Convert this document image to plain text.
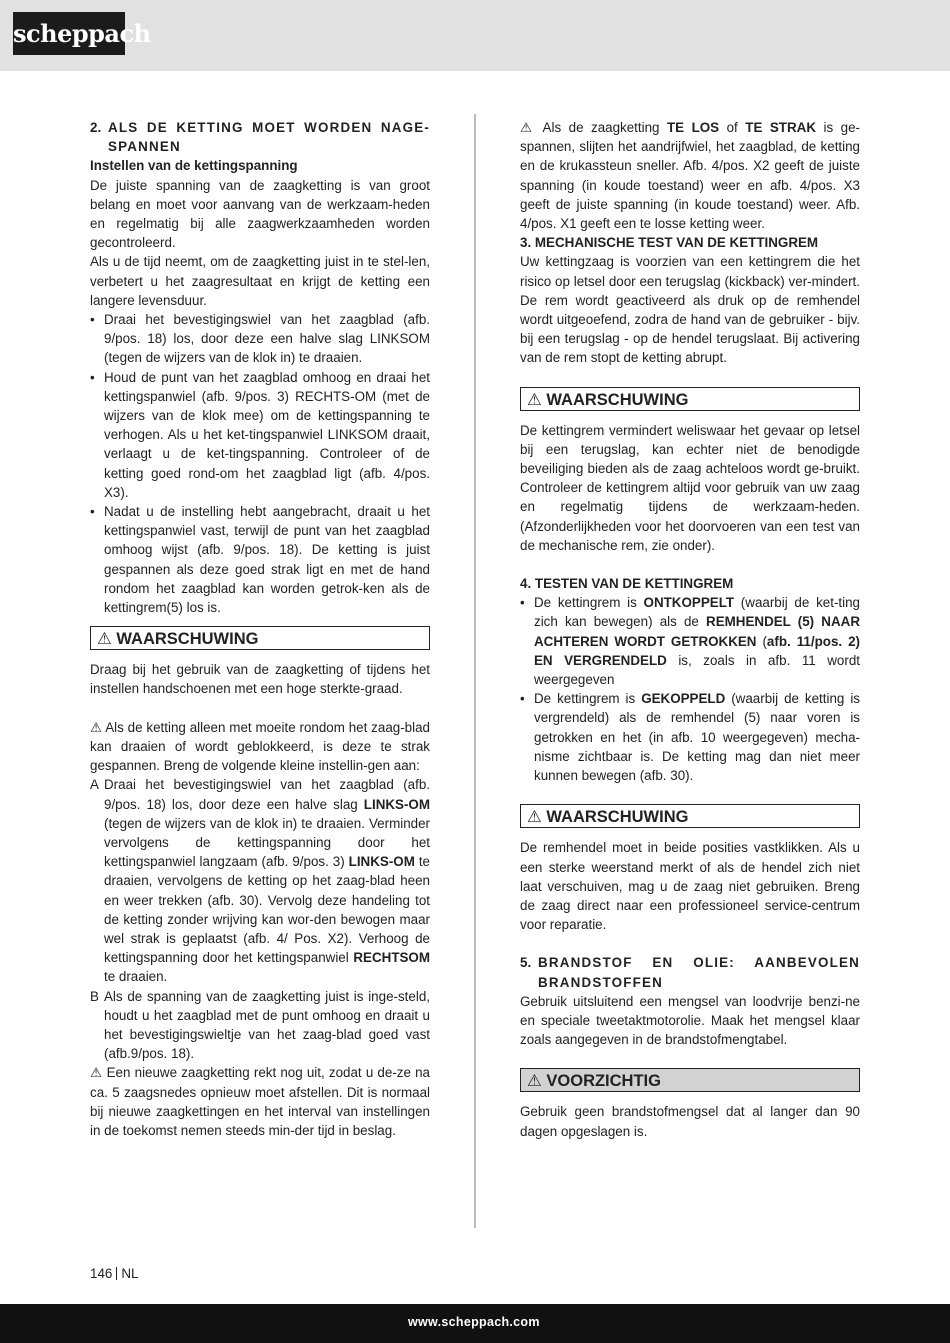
scheppach
2. ALS DE KETTING MOET WORDEN NAGE-SPANNEN

Instellen van de kettingspanning

De juiste spanning van de zaagketting is van groot belang en moet voor aanvang van de werkzaam-heden en regelmatig bij alle zaagwerkzaamheden worden gecontroleerd.

Als u de tijd neemt, om de zaagketting juist in te stel-len, verbetert u het zaagresultaat en krijgt de ketting een langere levensduur.

• Draai het bevestigingswiel van het zaagblad (afb. 9/pos. 18) los, door deze een halve slag LINKSOM (tegen de wijzers van de klok in) te draaien.
• Houd de punt van het zaagblad omhoog en draai het kettingspanwiel (afb. 9/pos. 3) RECHTS-OM (met de wijzers van de klok mee) om de kettingspanning te verhogen. Als u het ket-tingspanwiel LINKSOM draait, verlaagt u de ket-tingspanning. Controleer of de ketting goed rond-om het zaagblad ligt (afb. 4/pos. X3).
• Nadat u de instelling hebt aangebracht, draait u het kettingspanwiel vast, terwijl de punt van het zaagblad omhoog wijst (afb. 9/pos. 18). De ketting is juist gespannen als deze goed strak ligt en met de hand rondom het zaagblad kan worden getrok-ken als de kettingrem(5) los is.
⚠ WAARSCHUWING

Draag bij het gebruik van de zaagketting of tijdens het instellen handschoenen met een hoge sterkte-graad.

⚠ Als de ketting alleen met moeite rondom het zaag-blad kan draaien of wordt geblokkeerd, is deze te strak gespannen. Breng de volgende kleine instellin-gen aan:

A Draai het bevestigingswiel van het zaagblad (afb. 9/pos. 18) los, door deze een halve slag LINKS-OM (tegen de wijzers van de klok in) te draaien. Verminder vervolgens de kettingspanning door het kettingspanwiel langzaam (afb. 9/pos. 3) LINKS-OM te draaien, vervolgens de ketting op het zaag-blad heen en weer trekken (afb. 30). Vervolg deze handeling tot de ketting zonder wrijving kan wor-den bewogen maar wel strak is geplaatst (afb. 4/ Pos. X2). Verhoog de kettingspanning door het kettingspanwiel RECHTSOM te draaien.
B Als de spanning van de zaagketting juist is inge-steld, houdt u het zaagblad met de punt omhoog en draait u het bevestigingswieltje van het zaag-blad goed vast (afb.9/pos. 18).

⚠ Een nieuwe zaagketting rekt nog uit, zodat u de-ze na ca. 5 zaagsnedes opnieuw moet afstellen. Dit is normaal bij nieuwe zaagkettingen en het interval van instellingen in de toekomst nemen steeds min-der tijd in beslag.

⚠ Als de zaagketting TE LOS of TE STRAK is ge-spannen, slijten het aandrijfwiel, het zaagblad, de ketting en de krukassteun sneller. Afb. 4/pos. X2 geeft de juiste spanning (in koude toestand) weer en afb. 4/pos. X3 geeft de juiste spanning (in koude toestand) weer. Afb. 4/pos. X1 geeft een te losse ketting weer.

3. MECHANISCHE TEST VAN DE KETTINGREM

Uw kettingzaag is voorzien van een kettingrem die het risico op letsel door een terugslag (kickback) ver-mindert. De rem wordt geactiveerd als druk op de remhendel wordt uitgeoefend, zodra de hand van de gebruiker - bijv. bij een terugslag - op de hendel terugslaat. Bij activering van de rem stopt de ketting abrupt.

⚠ WAARSCHUWING

De kettingrem vermindert weliswaar het gevaar op letsel bij een terugslag, kan echter niet de benodigde beveiliging bieden als de zaag achteloos wordt ge-bruikt. Controleer de kettingrem altijd voor gebruik van uw zaag en regelmatig tijdens de werkzaam-heden. (Afzonderlijkheden voor het doorvoeren van een test van de mechanische rem, zie onder).

4. TESTEN VAN DE KETTINGREM

• De kettingrem is ONTKOPPELT (waarbij de ket-ting zich kan bewegen) als de REMHENDEL (5) NAAR ACHTEREN WORDT GETROKKEN (afb. 11/pos. 2) EN VERGRENDELD is, zoals in afb. 11 wordt weergegeven
• De kettingrem is GEKOPPELD (waarbij de ketting is vergrendeld) als de remhendel (5) naar voren is getrokken en het (in afb. 10 weergegeven) mecha-nisme zichtbaar is. De ketting mag dan niet meer kunnen bewegen (afb. 30).
⚠ WAARSCHUWING

De remhendel moet in beide posities vastklikken. Als u een sterke weerstand merkt of als de hendel zich niet laat verschuiven, mag u de zaag niet gebruiken. Breng de zaag direct naar een professioneel service-centrum voor reparatie.

5. BRANDSTOF EN OLIE: AANBEVOLEN BRANDSTOFFEN

Gebruik uitsluitend een mengsel van loodvrije benzi-ne en speciale tweetaktmotorolie. Maak het mengsel klaar zoals aangegeven in de brandstofmengtabel.

⚠ VOORZICHTIG

Gebruik geen brandstofmengsel dat al langer dan 90 dagen opgeslagen is.

146 NL
www.scheppach.com
